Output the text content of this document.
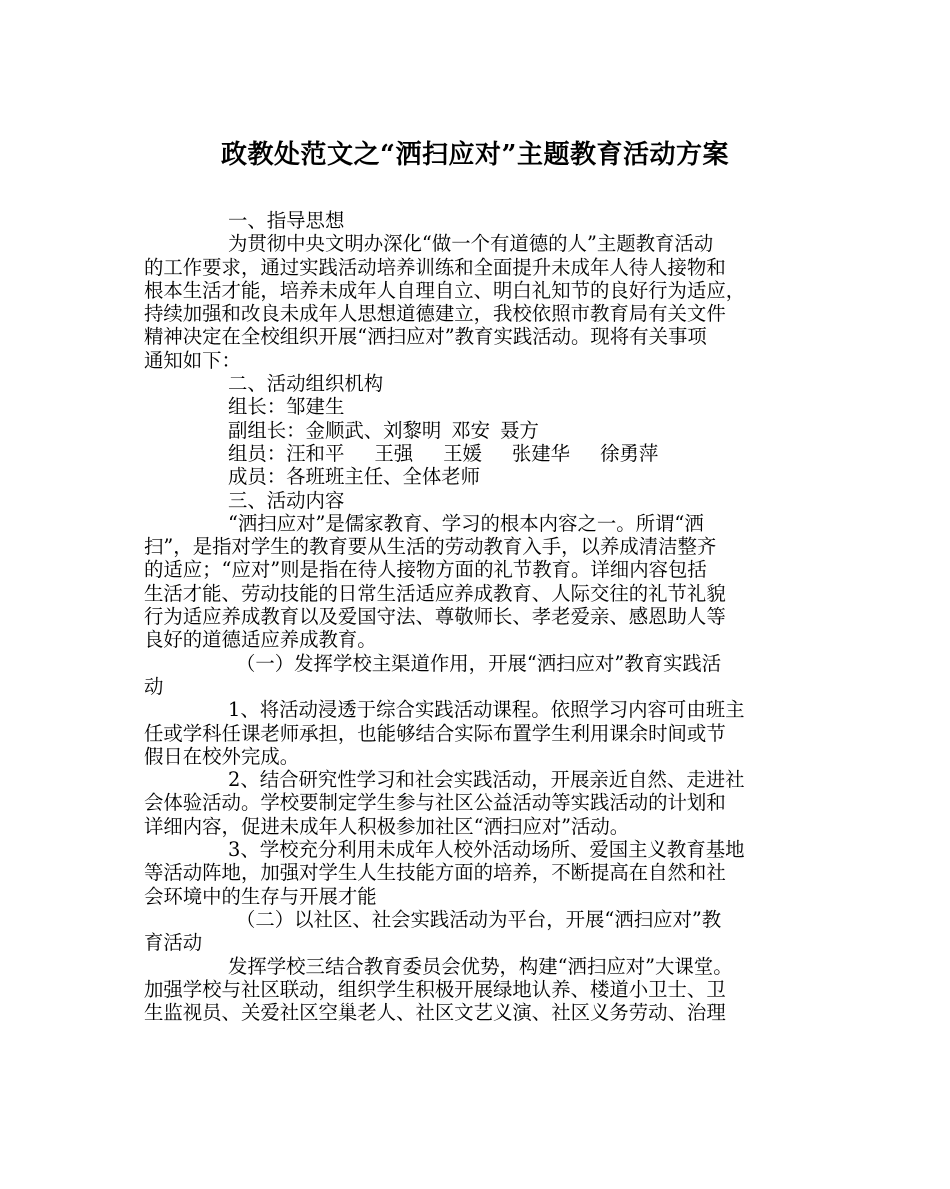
政教处范文之“洒扫应对”主题教育活动方案
一、指导思想
为贯彻中央文明办深化“做一个有道德的人”主题教育活动
的工作要求，通过实践活动培养训练和全面提升未成年人待人接物和
根本生活才能，培养未成年人自理自立、明白礼知节的良好行为适应，
持续加强和改良未成年人思想道德建立，我校依照市教育局有关文件
精神决定在全校组织开展“洒扫应对”教育实践活动。现将有关事项
通知如下：
二、活动组织机构
组长：邹建生
副组长：金顺武、刘黎明 邓安 聂方
组员：汪和平 王强 王媛 张建华 徐勇萍
成员：各班班主任、全体老师
三、活动内容
“洒扫应对”是儒家教育、学习的根本内容之一。所谓“洒
扫”，是指对学生的教育要从生活的劳动教育入手，以养成清洁整齐
的适应；“应对”则是指在待人接物方面的礼节教育。详细内容包括
生活才能、劳动技能的日常生活适应养成教育、人际交往的礼节礼貌
行为适应养成教育以及爱国守法、尊敬师长、孝老爱亲、感恩助人等
良好的道德适应养成教育。
（一）发挥学校主渠道作用，开展“洒扫应对”教育实践活
动
1、将活动浸透于综合实践活动课程。依照学习内容可由班主
任或学科任课老师承担，也能够结合实际布置学生利用课余时间或节
假日在校外完成。
2、结合研究性学习和社会实践活动，开展亲近自然、走进社
会体验活动。学校要制定学生参与社区公益活动等实践活动的计划和
详细内容，促进未成年人积极参加社区“洒扫应对”活动。
3、学校充分利用未成年人校外活动场所、爱国主义教育基地
等活动阵地，加强对学生人生技能方面的培养，不断提高在自然和社
会环境中的生存与开展才能
（二）以社区、社会实践活动为平台，开展“洒扫应对”教
育活动
发挥学校三结合教育委员会优势，构建“洒扫应对”大课堂。
加强学校与社区联动，组织学生积极开展绿地认养、楼道小卫士、卫
生监视员、关爱社区空巢老人、社区文艺义演、社区义务劳动、治理
